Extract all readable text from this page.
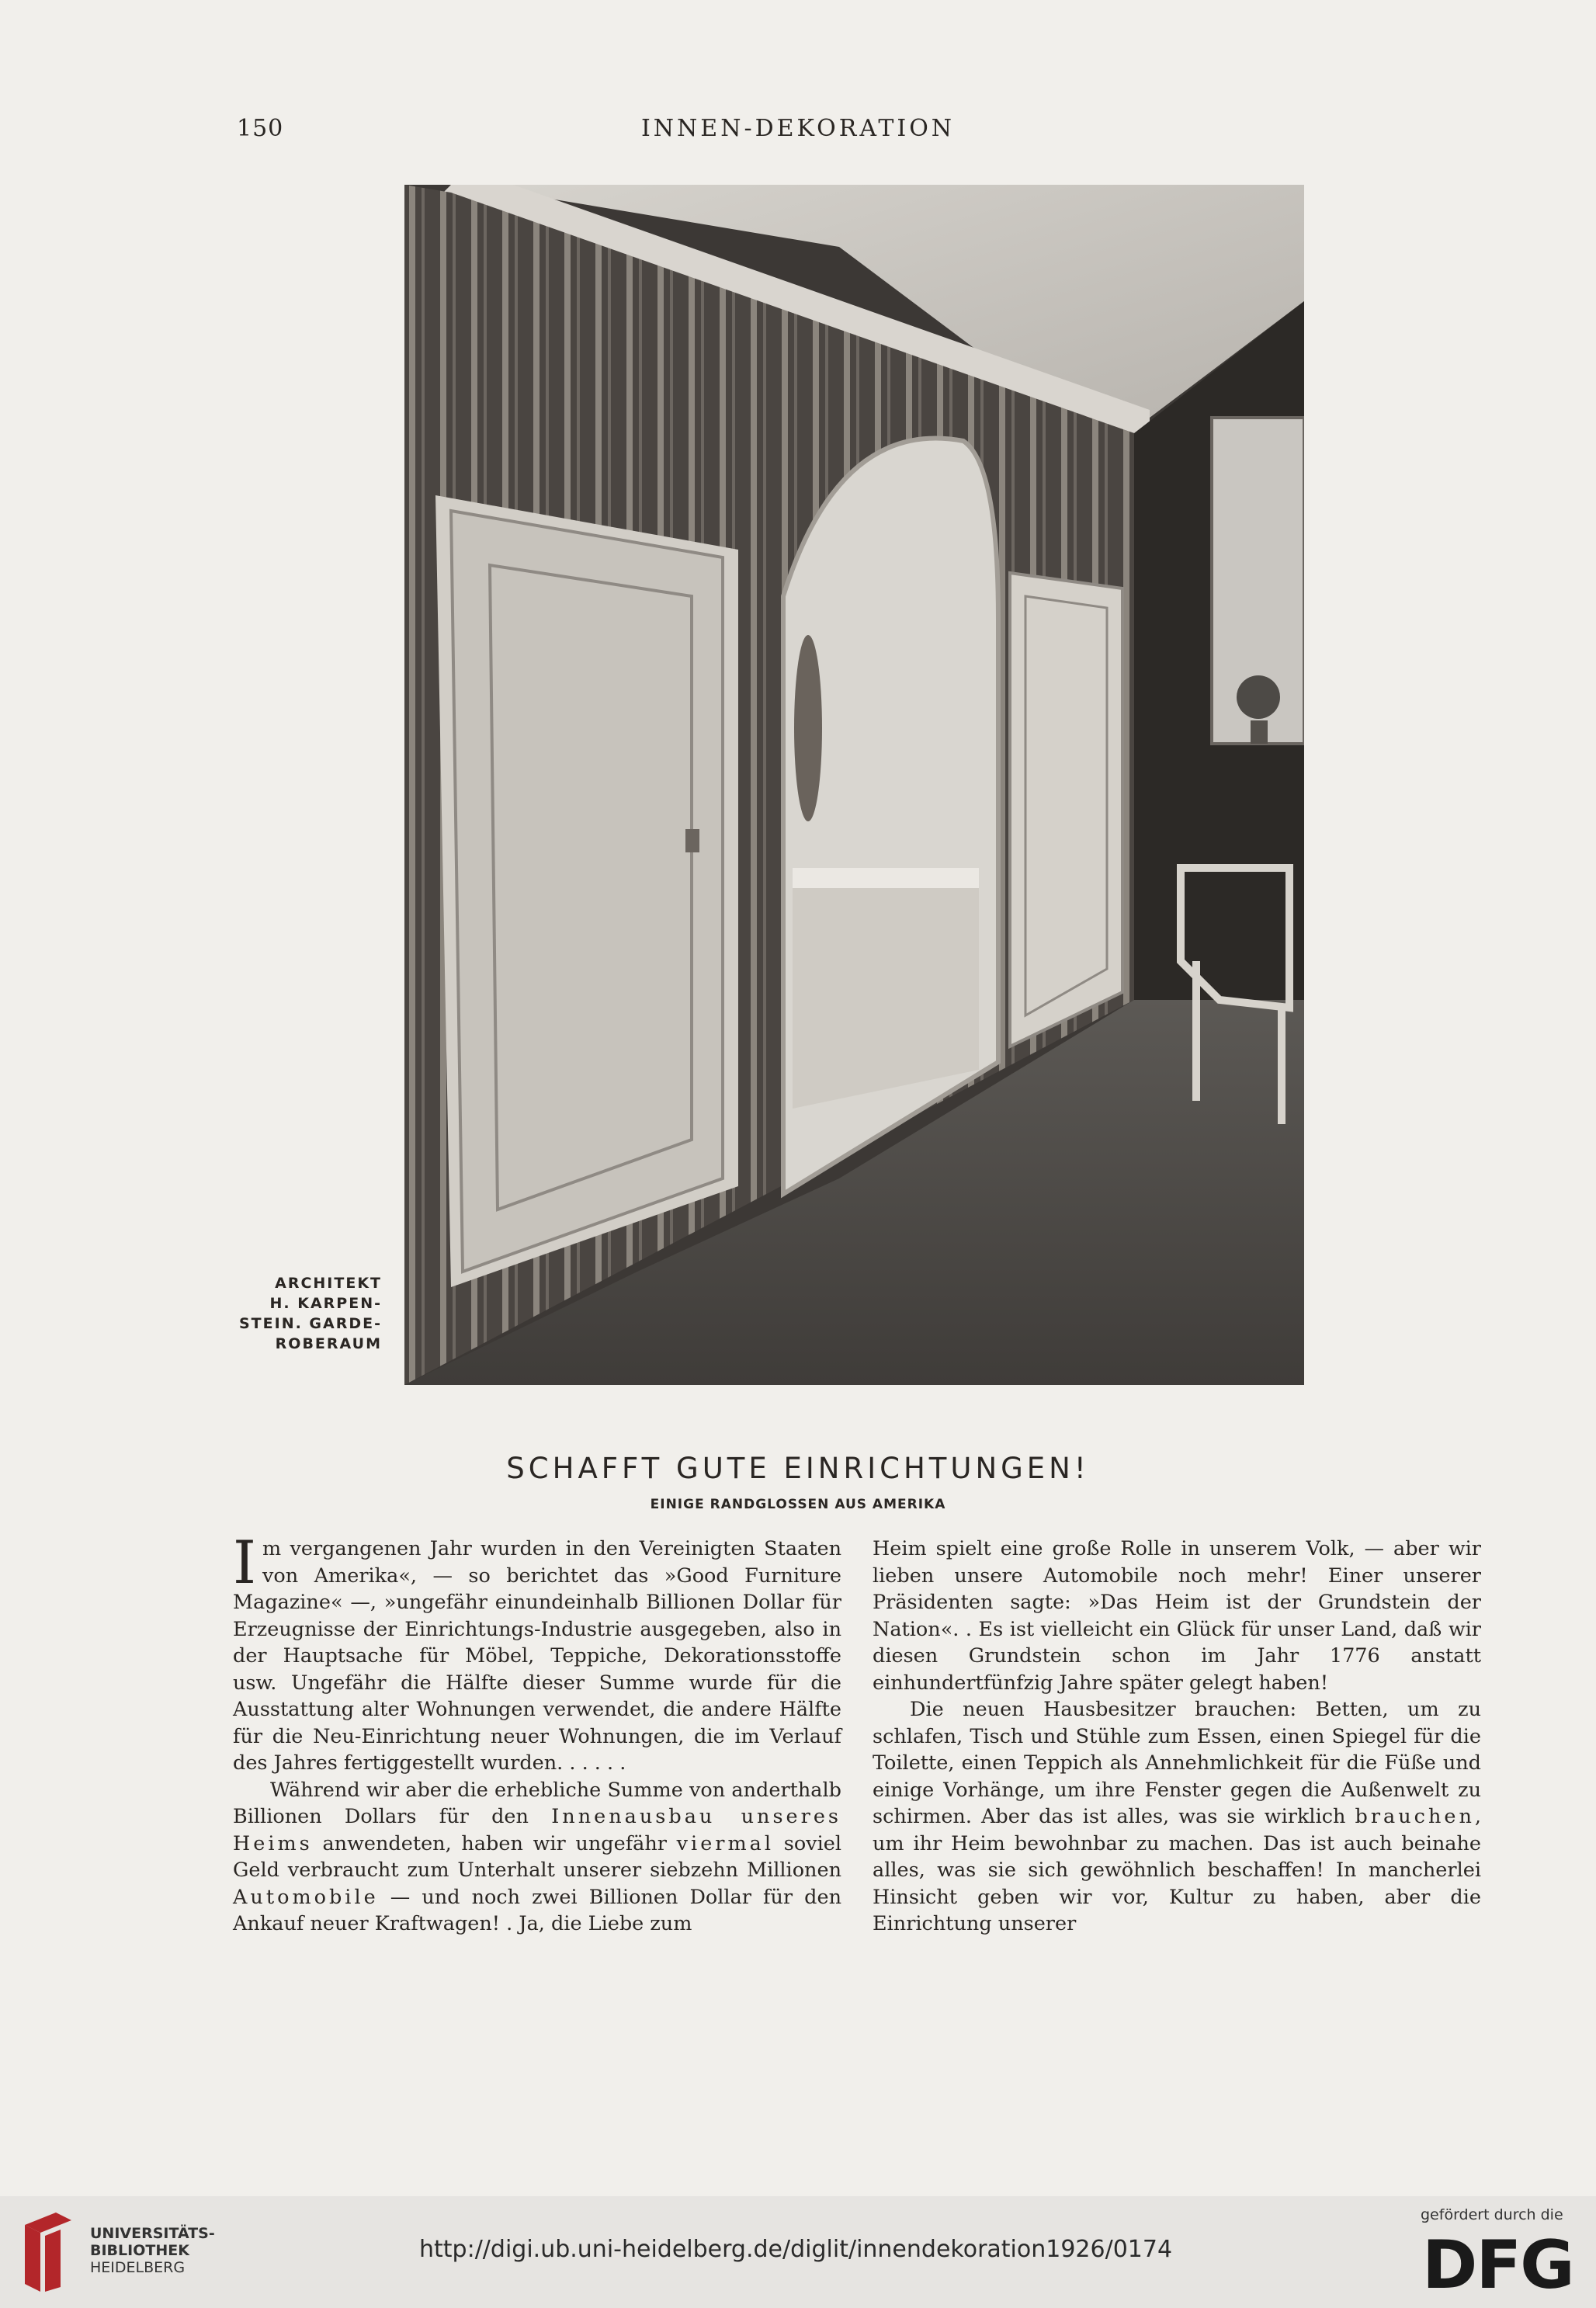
150	INNEN-DEKORATION
ARCHITEKT
H. KARPEN-
STEIN. GARDE-
ROBERAUM
SCHAFFT GUTE EINRICHTUNGEN!
EINIGE RANDGLOSSEN AUS AMERIKA

Im vergangenen Jahr wurden in den Vereinigten Staaten von Amerika«, — so berichtet das »Good Furniture Magazine« —, »ungefähr einundeinhalb Billionen Dollar für Erzeugnisse der Einrichtungs-Industrie ausgegeben, also in der Hauptsache für Möbel, Teppiche, Dekorationsstoffe usw. Ungefähr die Hälfte dieser Summe wurde für die Ausstattung alter Wohnungen verwendet, die andere Hälfte für die Neu-Einrichtung neuer Wohnungen, die im Verlauf des Jahres fertiggestellt wurden. . . . . .

Während wir aber die erhebliche Summe von anderthalb Billionen Dollars für den Innenausbau unseres Heims anwendeten, haben wir ungefähr viermal soviel Geld verbraucht zum Unterhalt unserer siebzehn Millionen Automobile — und noch zwei Billionen Dollar für den Ankauf neuer Kraftwagen! . Ja, die Liebe zum

Heim spielt eine große Rolle in unserem Volk, — aber wir lieben unsere Automobile noch mehr! Einer unserer Präsidenten sagte: »Das Heim ist der Grundstein der Nation«. . Es ist vielleicht ein Glück für unser Land, daß wir diesen Grundstein schon im Jahr 1776 anstatt einhundertfünfzig Jahre später gelegt haben!

Die neuen Hausbesitzer brauchen: Betten, um zu schlafen, Tisch und Stühle zum Essen, einen Spiegel für die Toilette, einen Teppich als Annehmlichkeit für die Füße und einige Vorhänge, um ihre Fenster gegen die Außenwelt zu schirmen. Aber das ist alles, was sie wirklich brauchen, um ihr Heim bewohnbar zu machen. Das ist auch beinahe alles, was sie sich gewöhnlich beschaffen! In mancherlei Hinsicht geben wir vor, Kultur zu haben, aber die Einrichtung unserer

UNIVERSITÄTS-
BIBLIOTHEK
HEIDELBERG
http://digi.ub.uni-heidelberg.de/diglit/innendekoration1926/0174
gefördert durch die
DFG
